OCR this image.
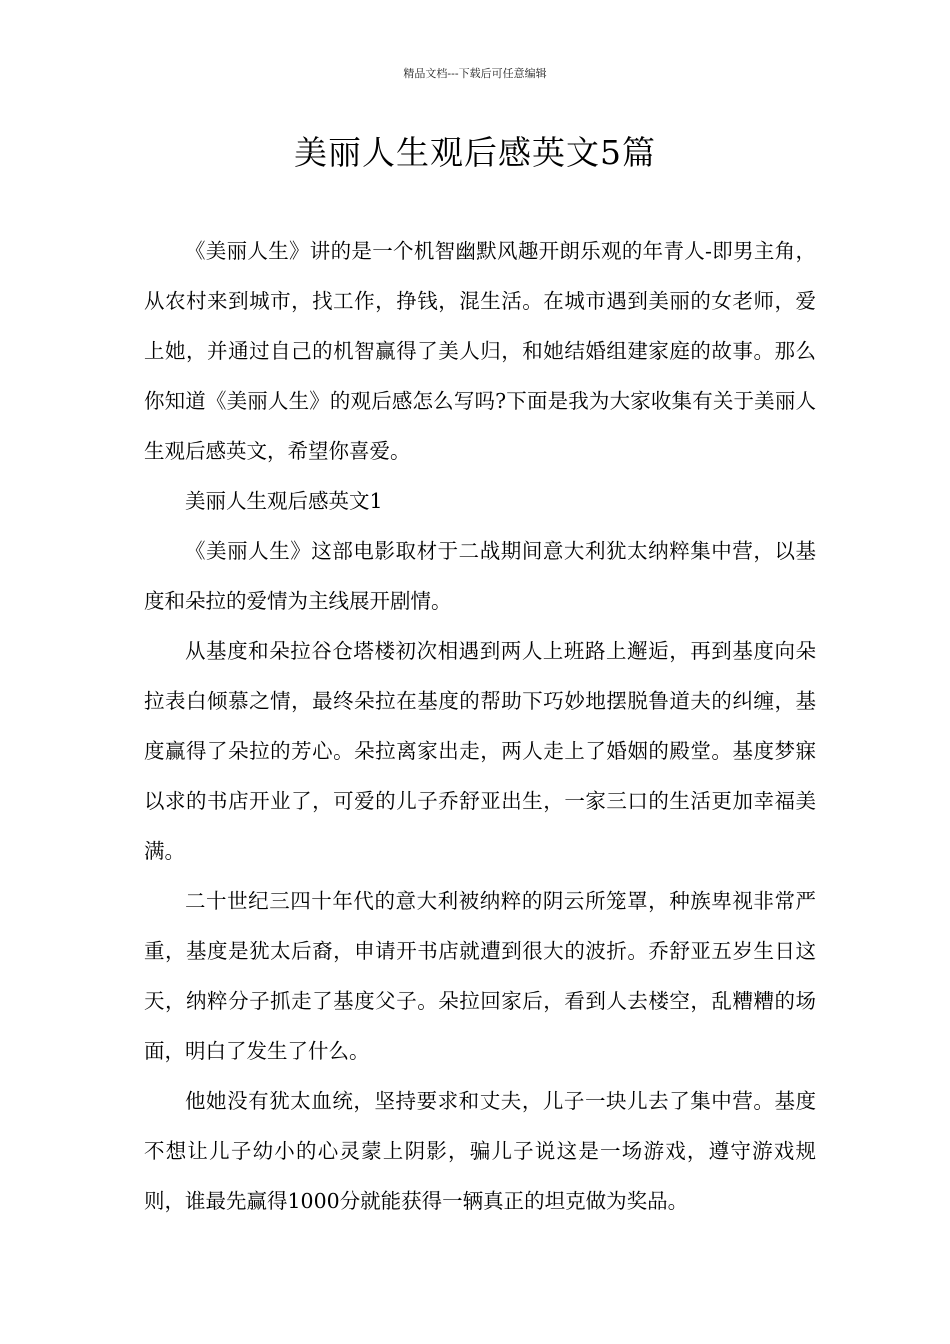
精品文档---下载后可任意编辑
美丽人生观后感英文5篇

《美丽人生》讲的是一个机智幽默风趣开朗乐观的年青人-即男主角，从农村来到城市，找工作，挣钱，混生活。在城市遇到美丽的女老师，爱上她，并通过自己的机智赢得了美人归，和她结婚组建家庭的故事。那么你知道《美丽人生》的观后感怎么写吗?下面是我为大家收集有关于美丽人生观后感英文，希望你喜爱。

美丽人生观后感英文1

《美丽人生》这部电影取材于二战期间意大利犹太纳粹集中营，以基度和朵拉的爱情为主线展开剧情。

从基度和朵拉谷仓塔楼初次相遇到两人上班路上邂逅，再到基度向朵拉表白倾慕之情，最终朵拉在基度的帮助下巧妙地摆脱鲁道夫的纠缠，基度赢得了朵拉的芳心。朵拉离家出走，两人走上了婚姻的殿堂。基度梦寐以求的书店开业了，可爱的儿子乔舒亚出生，一家三口的生活更加幸福美满。

二十世纪三四十年代的意大利被纳粹的阴云所笼罩，种族卑视非常严重，基度是犹太后裔，申请开书店就遭到很大的波折。乔舒亚五岁生日这天，纳粹分子抓走了基度父子。朵拉回家后，看到人去楼空，乱糟糟的场面，明白了发生了什么。

他她没有犹太血统，坚持要求和丈夫，儿子一块儿去了集中营。基度不想让儿子幼小的心灵蒙上阴影，骗儿子说这是一场游戏，遵守游戏规则，谁最先赢得1000分就能获得一辆真正的坦克做为奖品。
